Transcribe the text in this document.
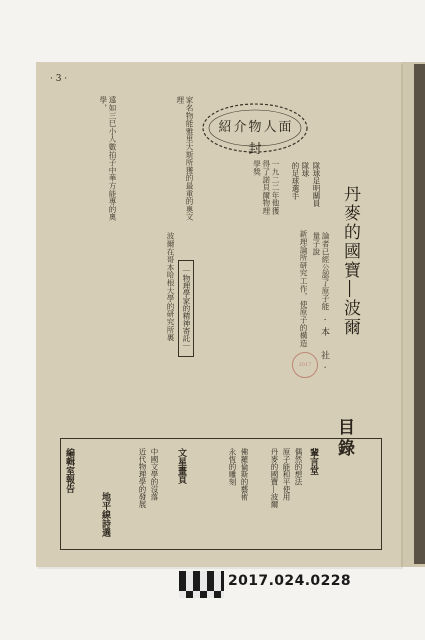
· 3 ·
紹介物人面封
隊球足明關員隊球
的足球選手
丹麥的國寶―波爾
·本 社·
遠如三巳小人數拍子中華方能專的奧學，	家名物能雅里大斯所獲的最重的奧文理
一九二二年他獲得了諾貝爾物理學獎
波爾在哥本哈根大學的研究所裏	新理論所研究工作，使原子的構造	論者已經公認了原子能量子說
｜物理學家的精神寄託｜
2017
目錄
輩言堂
偶然的想法
原子能和平使用
丹麥的國寶―波爾
佛羅倫斯的藝術
永恆的雕刻
文星畫頁
中國文學的沒落
近代物理學的發展
地平線詩選
編輯室報告
2017.024.0228
